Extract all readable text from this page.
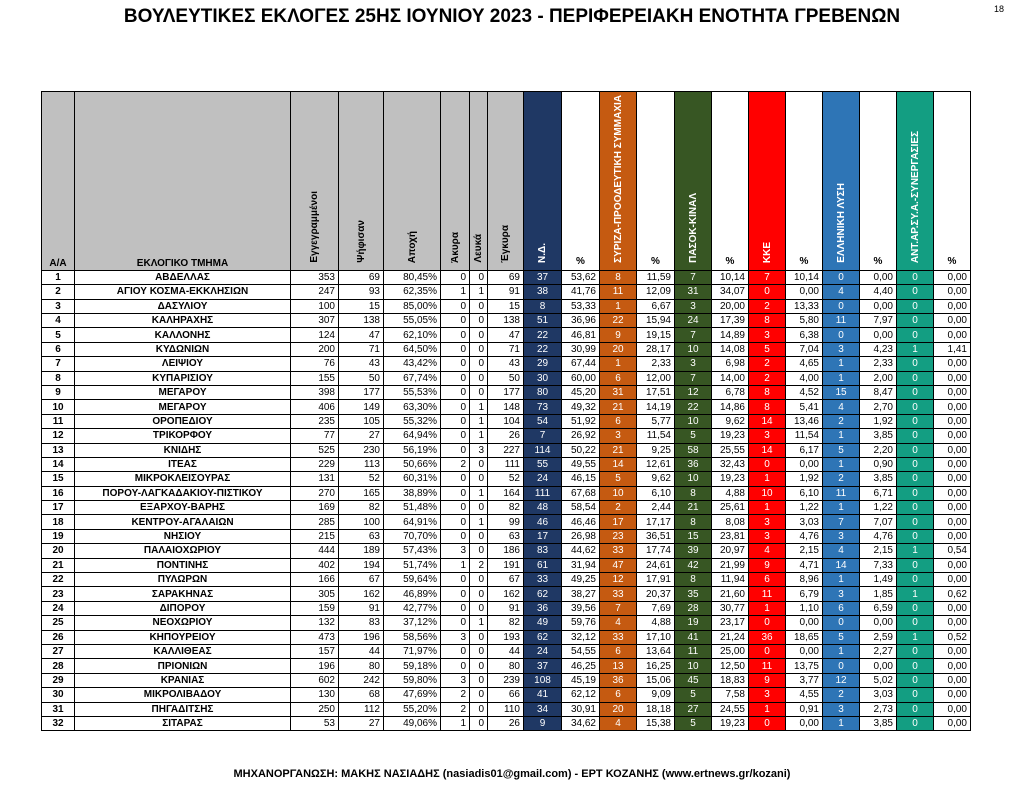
ΒΟΥΛΕΥΤΙΚΕΣ ΕΚΛΟΓΕΣ 25ΗΣ ΙΟΥΝΙΟΥ 2023 - ΠΕΡΙΦΕΡΕΙΑΚΗ ΕΝΟΤΗΤΑ ΓΡΕΒΕΝΩΝ	18
Α/Α	ΕΚΛΟΓΙΚΟ ΤΜΗΜΑ	Εγγεγραμμένοι	Ψήφισαν	Αποχή	Άκυρα	Λευκά	Έγκυρα	Ν.Δ.	%	ΣΥΡΙΖΑ-ΠΡΟΟΔΕΥΤΙΚΗ ΣΥΜΜΑΧΙΑ	%	ΠΑΣΟΚ-ΚΙΝΑΛ	%	ΚΚΕ	%	ΕΛΛΗΝΙΚΗ ΛΥΣΗ	%	ΑΝΤ.ΑΡ.ΣΥ.Α.-ΣΥΝΕΡΓΑΣΙΕΣ	%
1	ΑΒΔΕΛΛΑΣ	353	69	80,45%	0	0	69	37	53,62	8	11,59	7	10,14	7	10,14	0	0,00	0	0,00
2	ΑΓΙΟΥ ΚΟΣΜΑ-ΕΚΚΛΗΣΙΩΝ	247	93	62,35%	1	1	91	38	41,76	11	12,09	31	34,07	0	0,00	4	4,40	0	0,00
3	ΔΑΣΥΛΙΟΥ	100	15	85,00%	0	0	15	8	53,33	1	6,67	3	20,00	2	13,33	0	0,00	0	0,00
4	ΚΑΛΗΡΑΧΗΣ	307	138	55,05%	0	0	138	51	36,96	22	15,94	24	17,39	8	5,80	11	7,97	0	0,00
5	ΚΑΛΛΟΝΗΣ	124	47	62,10%	0	0	47	22	46,81	9	19,15	7	14,89	3	6,38	0	0,00	0	0,00
6	ΚΥΔΩΝΙΩΝ	200	71	64,50%	0	0	71	22	30,99	20	28,17	10	14,08	5	7,04	3	4,23	1	1,41
7	ΛΕΙΨΙΟΥ	76	43	43,42%	0	0	43	29	67,44	1	2,33	3	6,98	2	4,65	1	2,33	0	0,00
8	ΚΥΠΑΡΙΣΙΟΥ	155	50	67,74%	0	0	50	30	60,00	6	12,00	7	14,00	2	4,00	1	2,00	0	0,00
9	ΜΕΓΑΡΟΥ	398	177	55,53%	0	0	177	80	45,20	31	17,51	12	6,78	8	4,52	15	8,47	0	0,00
10	ΜΕΓΑΡΟΥ	406	149	63,30%	0	1	148	73	49,32	21	14,19	22	14,86	8	5,41	4	2,70	0	0,00
11	ΟΡΟΠΕΔΙΟΥ	235	105	55,32%	0	1	104	54	51,92	6	5,77	10	9,62	14	13,46	2	1,92	0	0,00
12	ΤΡΙΚΟΡΦΟΥ	77	27	64,94%	0	1	26	7	26,92	3	11,54	5	19,23	3	11,54	1	3,85	0	0,00
13	ΚΝΙΔΗΣ	525	230	56,19%	0	3	227	114	50,22	21	9,25	58	25,55	14	6,17	5	2,20	0	0,00
14	ΙΤΕΑΣ	229	113	50,66%	2	0	111	55	49,55	14	12,61	36	32,43	0	0,00	1	0,90	0	0,00
15	ΜΙΚΡΟΚΛΕΙΣΟΥΡΑΣ	131	52	60,31%	0	0	52	24	46,15	5	9,62	10	19,23	1	1,92	2	3,85	0	0,00
16	ΠΟΡΟΥ-ΛΑΓΚΑΔΑΚΙΟΥ-ΠΙΣΤΙΚΟΥ	270	165	38,89%	0	1	164	111	67,68	10	6,10	8	4,88	10	6,10	11	6,71	0	0,00
17	ΕΞΑΡΧΟΥ-ΒΑΡΗΣ	169	82	51,48%	0	0	82	48	58,54	2	2,44	21	25,61	1	1,22	1	1,22	0	0,00
18	ΚΕΝΤΡΟΥ-ΑΓΑΛΑΙΩΝ	285	100	64,91%	0	1	99	46	46,46	17	17,17	8	8,08	3	3,03	7	7,07	0	0,00
19	ΝΗΣΙΟΥ	215	63	70,70%	0	0	63	17	26,98	23	36,51	15	23,81	3	4,76	3	4,76	0	0,00
20	ΠΑΛΑΙΟΧΩΡΙΟΥ	444	189	57,43%	3	0	186	83	44,62	33	17,74	39	20,97	4	2,15	4	2,15	1	0,54
21	ΠΟΝΤΙΝΗΣ	402	194	51,74%	1	2	191	61	31,94	47	24,61	42	21,99	9	4,71	14	7,33	0	0,00
22	ΠΥΛΩΡΩΝ	166	67	59,64%	0	0	67	33	49,25	12	17,91	8	11,94	6	8,96	1	1,49	0	0,00
23	ΣΑΡΑΚΗΝΑΣ	305	162	46,89%	0	0	162	62	38,27	33	20,37	35	21,60	11	6,79	3	1,85	1	0,62
24	ΔΙΠΟΡΟΥ	159	91	42,77%	0	0	91	36	39,56	7	7,69	28	30,77	1	1,10	6	6,59	0	0,00
25	ΝΕΟΧΩΡΙΟΥ	132	83	37,12%	0	1	82	49	59,76	4	4,88	19	23,17	0	0,00	0	0,00	0	0,00
26	ΚΗΠΟΥΡΕΙΟΥ	473	196	58,56%	3	0	193	62	32,12	33	17,10	41	21,24	36	18,65	5	2,59	1	0,52
27	ΚΑΛΛΙΘΕΑΣ	157	44	71,97%	0	0	44	24	54,55	6	13,64	11	25,00	0	0,00	1	2,27	0	0,00
28	ΠΡΙΟΝΙΩΝ	196	80	59,18%	0	0	80	37	46,25	13	16,25	10	12,50	11	13,75	0	0,00	0	0,00
29	ΚΡΑΝΙΑΣ	602	242	59,80%	3	0	239	108	45,19	36	15,06	45	18,83	9	3,77	12	5,02	0	0,00
30	ΜΙΚΡΟΛΙΒΑΔΟΥ	130	68	47,69%	2	0	66	41	62,12	6	9,09	5	7,58	3	4,55	2	3,03	0	0,00
31	ΠΗΓΑΔΙΤΣΗΣ	250	112	55,20%	2	0	110	34	30,91	20	18,18	27	24,55	1	0,91	3	2,73	0	0,00
32	ΣΙΤΑΡΑΣ	53	27	49,06%	1	0	26	9	34,62	4	15,38	5	19,23	0	0,00	1	3,85	0	0,00
ΜΗΧΑΝΟΡΓΑΝΩΣΗ: ΜΑΚΗΣ ΝΑΣΙΑΔΗΣ (nasiadis01@gmail.com) - ΕΡΤ ΚΟΖΑΝΗΣ (www.ertnews.gr/kozani)
